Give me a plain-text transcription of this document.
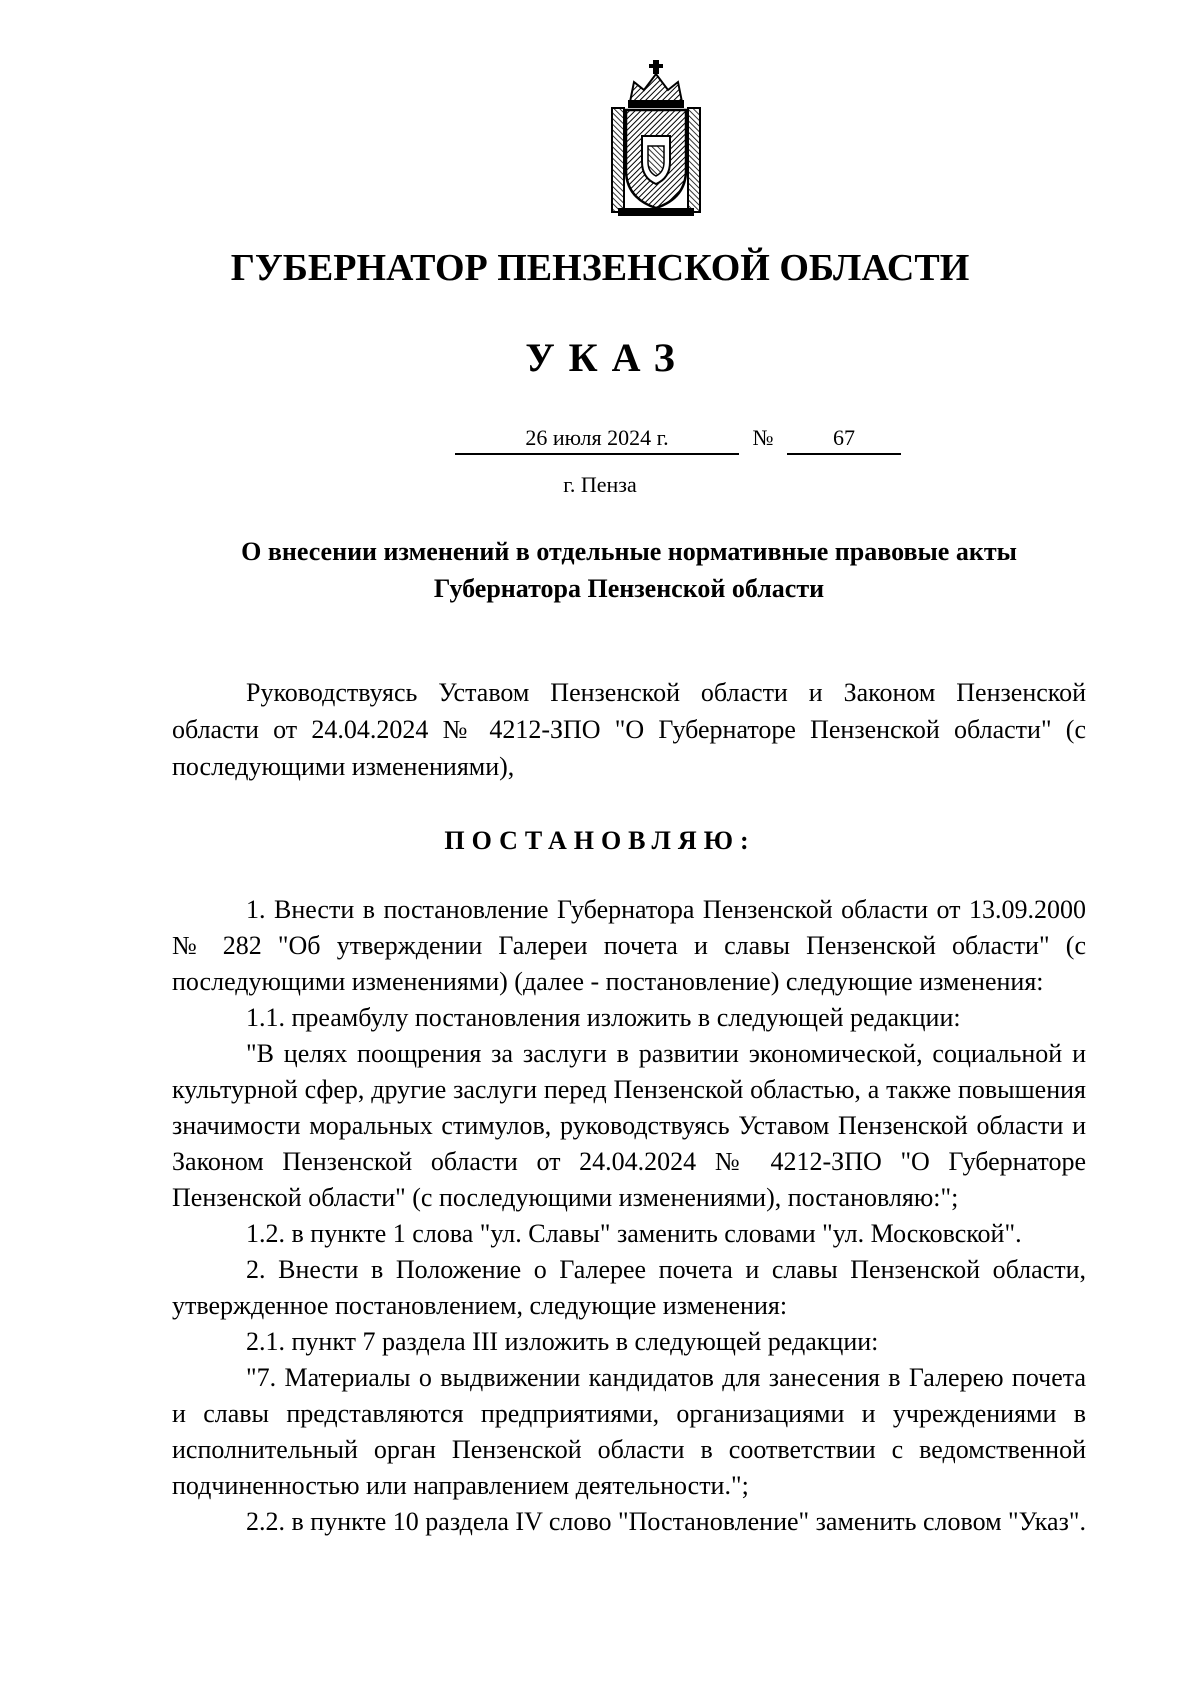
ГУБЕРНАТОР ПЕНЗЕНСКОЙ ОБЛАСТИ
УКАЗ
26 июля 2024 г.	№	67
г. Пенза
О внесении изменений в отдельные нормативные правовые акты
Губернатора Пензенской области

Руководствуясь Уставом Пензенской области и Законом Пензенской области от 24.04.2024 № 4212-ЗПО "О Губернаторе Пензенской области" (с последующими изменениями),

ПОСТАНОВЛЯЮ:

1. Внести в постановление Губернатора Пензенской области от 13.09.2000 № 282 "Об утверждении Галереи почета и славы Пензенской области" (с последующими изменениями) (далее - постановление) следующие изменения:

1.1. преамбулу постановления изложить в следующей редакции:

"В целях поощрения за заслуги в развитии экономической, социальной и культурной сфер, другие заслуги перед Пензенской областью, а также повышения значимости моральных стимулов, руководствуясь Уставом Пензенской области и Законом Пензенской области от 24.04.2024 № 4212-ЗПО "О Губернаторе Пензенской области" (с последующими изменениями), постановляю:";

1.2. в пункте 1 слова "ул. Славы" заменить словами "ул. Московской".

2. Внести в Положение о Галерее почета и славы Пензенской области, утвержденное постановлением, следующие изменения:

2.1. пункт 7 раздела III изложить в следующей редакции:

"7. Материалы о выдвижении кандидатов для занесения в Галерею почета и славы представляются предприятиями, организациями и учреждениями в исполнительный орган Пензенской области в соответствии с ведомственной подчиненностью или направлением деятельности.";

2.2. в пункте 10 раздела IV слово "Постановление" заменить словом "Указ".
